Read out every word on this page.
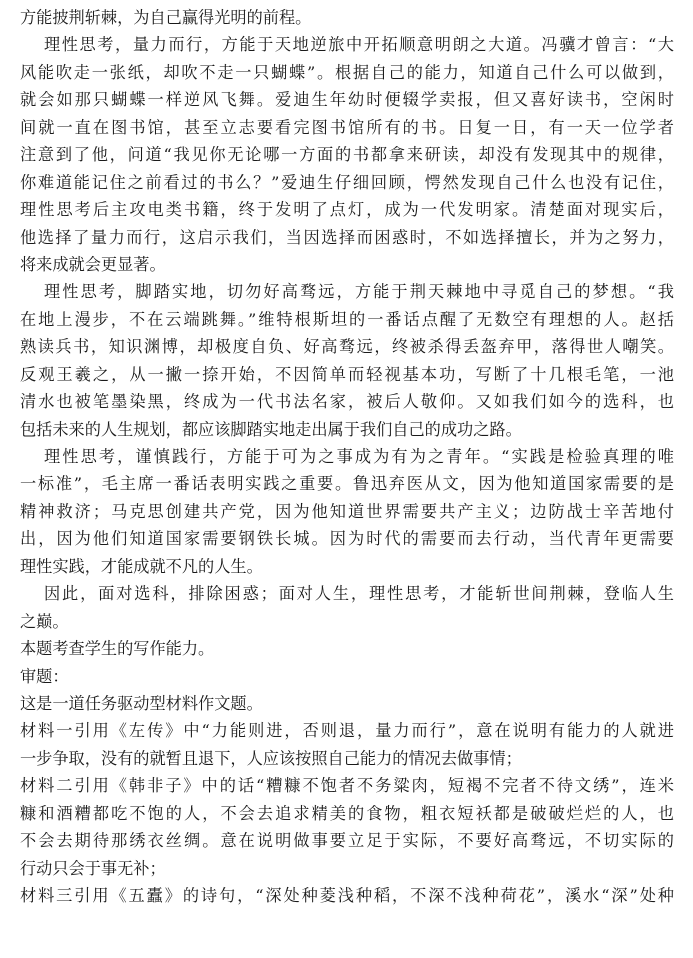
方能披荆斩棘，为自己赢得光明的前程。
理性思考，量力而行，方能于天地逆旅中开拓顺意明朗之大道。冯骥才曾言：“大
风能吹走一张纸，却吹不走一只蝴蝶”。根据自己的能力，知道自己什么可以做到，
就会如那只蝴蝶一样逆风飞舞。爱迪生年幼时便辍学卖报，但又喜好读书，空闲时
间就一直在图书馆，甚至立志要看完图书馆所有的书。日复一日，有一天一位学者
注意到了他，问道“我见你无论哪一方面的书都拿来研读，却没有发现其中的规律，
你难道能记住之前看过的书么？”爱迪生仔细回顾，愕然发现自己什么也没有记住，
理性思考后主攻电类书籍，终于发明了点灯，成为一代发明家。清楚面对现实后，
他选择了量力而行，这启示我们，当因选择而困惑时，不如选择擅长，并为之努力，
将来成就会更显著。
理性思考，脚踏实地，切勿好高骛远，方能于荆天棘地中寻觅自己的梦想。“我
在地上漫步，不在云端跳舞。”维特根斯坦的一番话点醒了无数空有理想的人。赵括
熟读兵书，知识渊博，却极度自负、好高骛远，终被杀得丢盔弃甲，落得世人嘲笑。
反观王羲之，从一撇一捺开始，不因简单而轻视基本功，写断了十几根毛笔，一池
清水也被笔墨染黑，终成为一代书法名家，被后人敬仰。又如我们如今的选科，也
包括未来的人生规划，都应该脚踏实地走出属于我们自己的成功之路。
理性思考，谨慎践行，方能于可为之事成为有为之青年。“实践是检验真理的唯
一标准”，毛主席一番话表明实践之重要。鲁迅弃医从文，因为他知道国家需要的是
精神救济；马克思创建共产党，因为他知道世界需要共产主义；边防战士辛苦地付
出，因为他们知道国家需要钢铁长城。因为时代的需要而去行动，当代青年更需要
理性实践，才能成就不凡的人生。
因此，面对选科，排除困惑；面对人生，理性思考，才能斩世间荆棘，登临人生
之巅。
本题考查学生的写作能力。
审题：
这是一道任务驱动型材料作文题。
材料一引用《左传》中“力能则进，否则退，量力而行”，意在说明有能力的人就进
一步争取，没有的就暂且退下，人应该按照自己能力的情况去做事情；
材料二引用《韩非子》中的话“糟糠不饱者不务粱肉，短褐不完者不待文绣”，连米
糠和酒糟都吃不饱的人，不会去追求精美的食物，粗衣短袄都是破破烂烂的人，也
不会去期待那绣衣丝绸。意在说明做事要立足于实际，不要好高骛远，不切实际的
行动只会于事无补；
材料三引用《五蠹》的诗句，“深处种菱浅种稻，不深不浅种荷花”，溪水“深”处种
